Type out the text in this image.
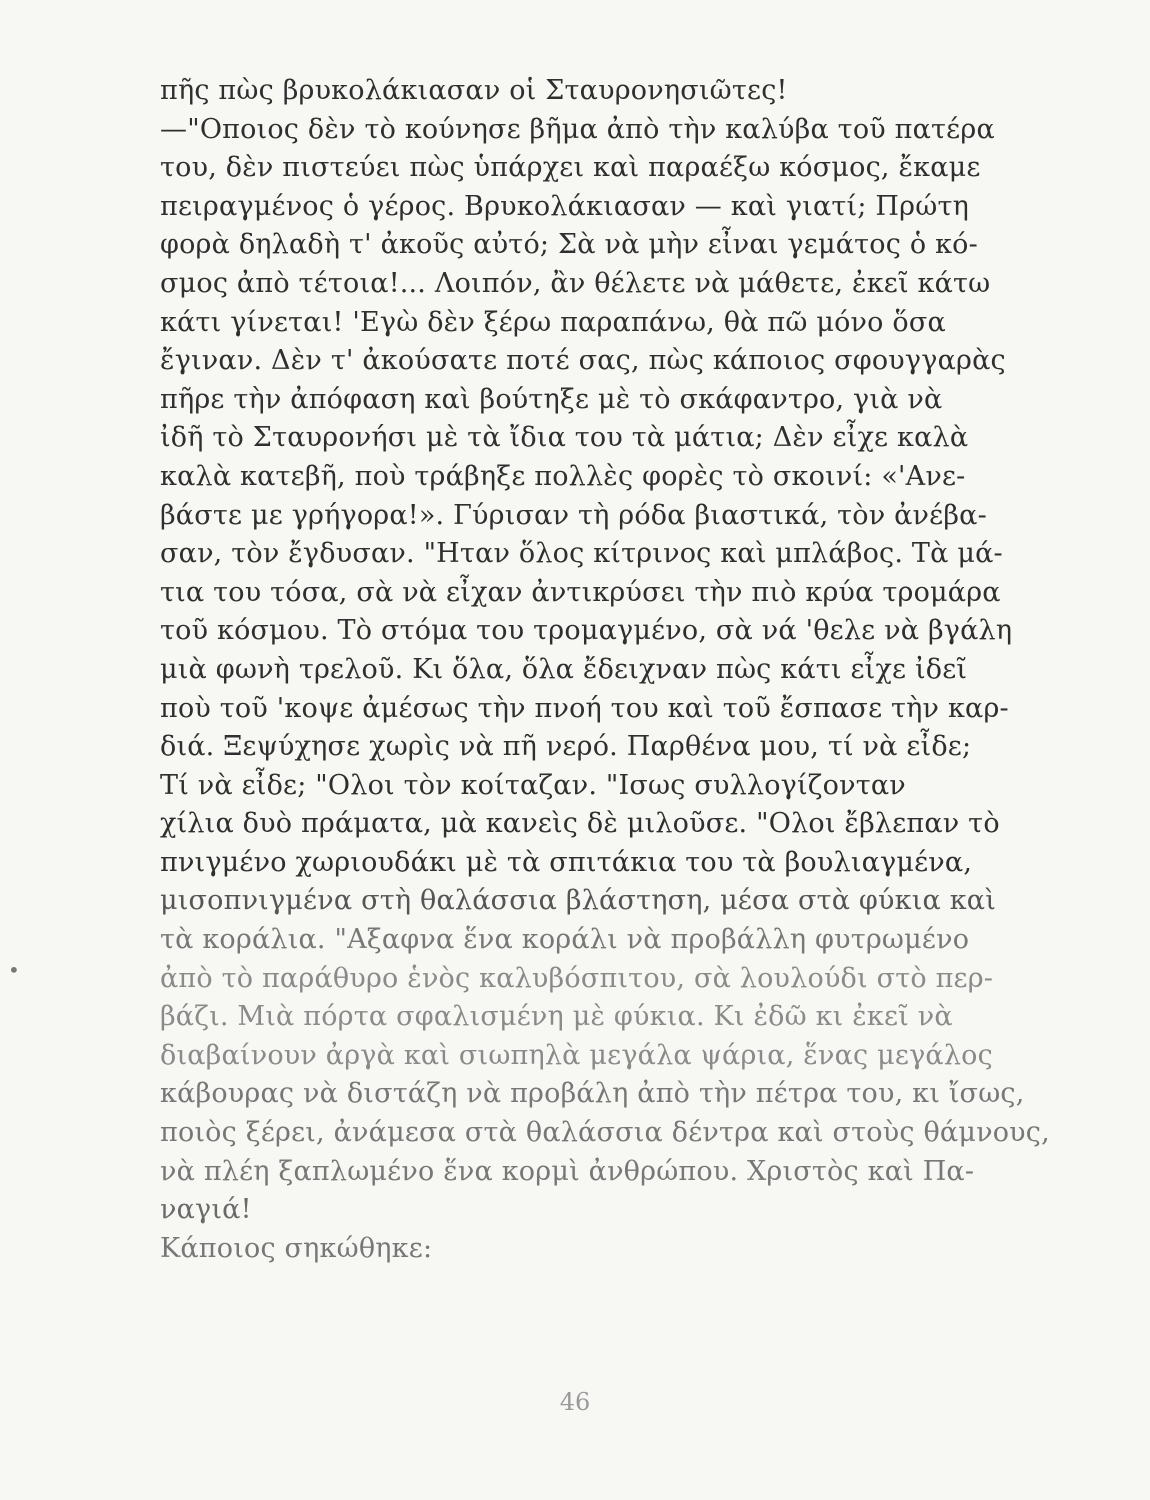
•
πῆς πὼς βρυκολάκιασαν οἱ Σταυρονησιῶτες!
—"Οποιος δὲν τὸ κούνησε βῆμα ἀπὸ τὴν καλύβα τοῦ πατέρα
του, δὲν πιστεύει πὼς ὑπάρχει καὶ παραέξω κόσμος, ἔκαμε
πειραγμένος ὁ γέρος. Βρυκολάκιασαν — καὶ γιατί; Πρώτη
φορὰ δηλαδὴ τ' ἀκοῦς αὐτό; Σὰ νὰ μὴν εἶναι γεμάτος ὁ κό-
σμος ἀπὸ τέτοια!... Λοιπόν, ἂν θέλετε νὰ μάθετε, ἐκεῖ κάτω
κάτι γίνεται! 'Εγὼ δὲν ξέρω παραπάνω, θὰ πῶ μόνο ὅσα
ἔγιναν. Δὲν τ' ἀκούσατε ποτέ σας, πὼς κάποιος σφουγγαρὰς
πῆρε τὴν ἀπόφαση καὶ βούτηξε μὲ τὸ σκάφαντρο, γιὰ νὰ
ἰδῆ τὸ Σταυρονήσι μὲ τὰ ἴδια του τὰ μάτια; Δὲν εἶχε καλὰ
καλὰ κατεβῆ, ποὺ τράβηξε πολλὲς φορὲς τὸ σκοινί: «'Ανε-
βάστε με γρήγορα!». Γύρισαν τὴ ρόδα βιαστικά, τὸν ἀνέβα-
σαν, τὸν ἔγδυσαν. "Ηταν ὅλος κίτρινος καὶ μπλάβος. Τὰ μά-
τια του τόσα, σὰ νὰ εἶχαν ἀντικρύσει τὴν πιὸ κρύα τρομάρα
τοῦ κόσμου. Τὸ στόμα του τρομαγμένο, σὰ νά 'θελε νὰ βγάλη
μιὰ φωνὴ τρελοῦ. Κι ὅλα, ὅλα ἔδειχναν πὼς κάτι εἶχε ἰδεῖ
ποὺ τοῦ 'κοψε ἀμέσως τὴν πνοή του καὶ τοῦ ἔσπασε τὴν καρ-
διά. Ξεψύχησε χωρὶς νὰ πῆ νερό. Παρθένα μου, τί νὰ εἶδε;
Τί νὰ εἶδε; "Ολοι τὸν κοίταζαν. "Ισως συλλογίζονταν
χίλια δυὸ πράματα, μὰ κανεὶς δὲ μιλοῦσε. "Ολοι ἔβλεπαν τὸ
πνιγμένο χωριουδάκι μὲ τὰ σπιτάκια του τὰ βουλιαγμένα,
μισοπνιγμένα στὴ θαλάσσια βλάστηση, μέσα στὰ φύκια καὶ
τὰ κοράλια. "Αξαφνα ἕνα κοράλι νὰ προβάλλη φυτρωμένο
ἀπὸ τὸ παράθυρο ἑνὸς καλυβόσπιτου, σὰ λουλούδι στὸ περ-
βάζι. Μιὰ πόρτα σφαλισμένη μὲ φύκια. Κι ἐδῶ κι ἐκεῖ νὰ
διαβαίνουν ἀργὰ καὶ σιωπηλὰ μεγάλα ψάρια, ἕνας μεγάλος
κάβουρας νὰ διστάζη νὰ προβάλη ἀπὸ τὴν πέτρα του, κι ἴσως,
ποιὸς ξέρει, ἀνάμεσα στὰ θαλάσσια δέντρα καὶ στοὺς θάμνους,
νὰ πλέη ξαπλωμένο ἕνα κορμὶ ἀνθρώπου. Χριστὸς καὶ Πα-
ναγιά!
Κάποιος σηκώθηκε:
46
